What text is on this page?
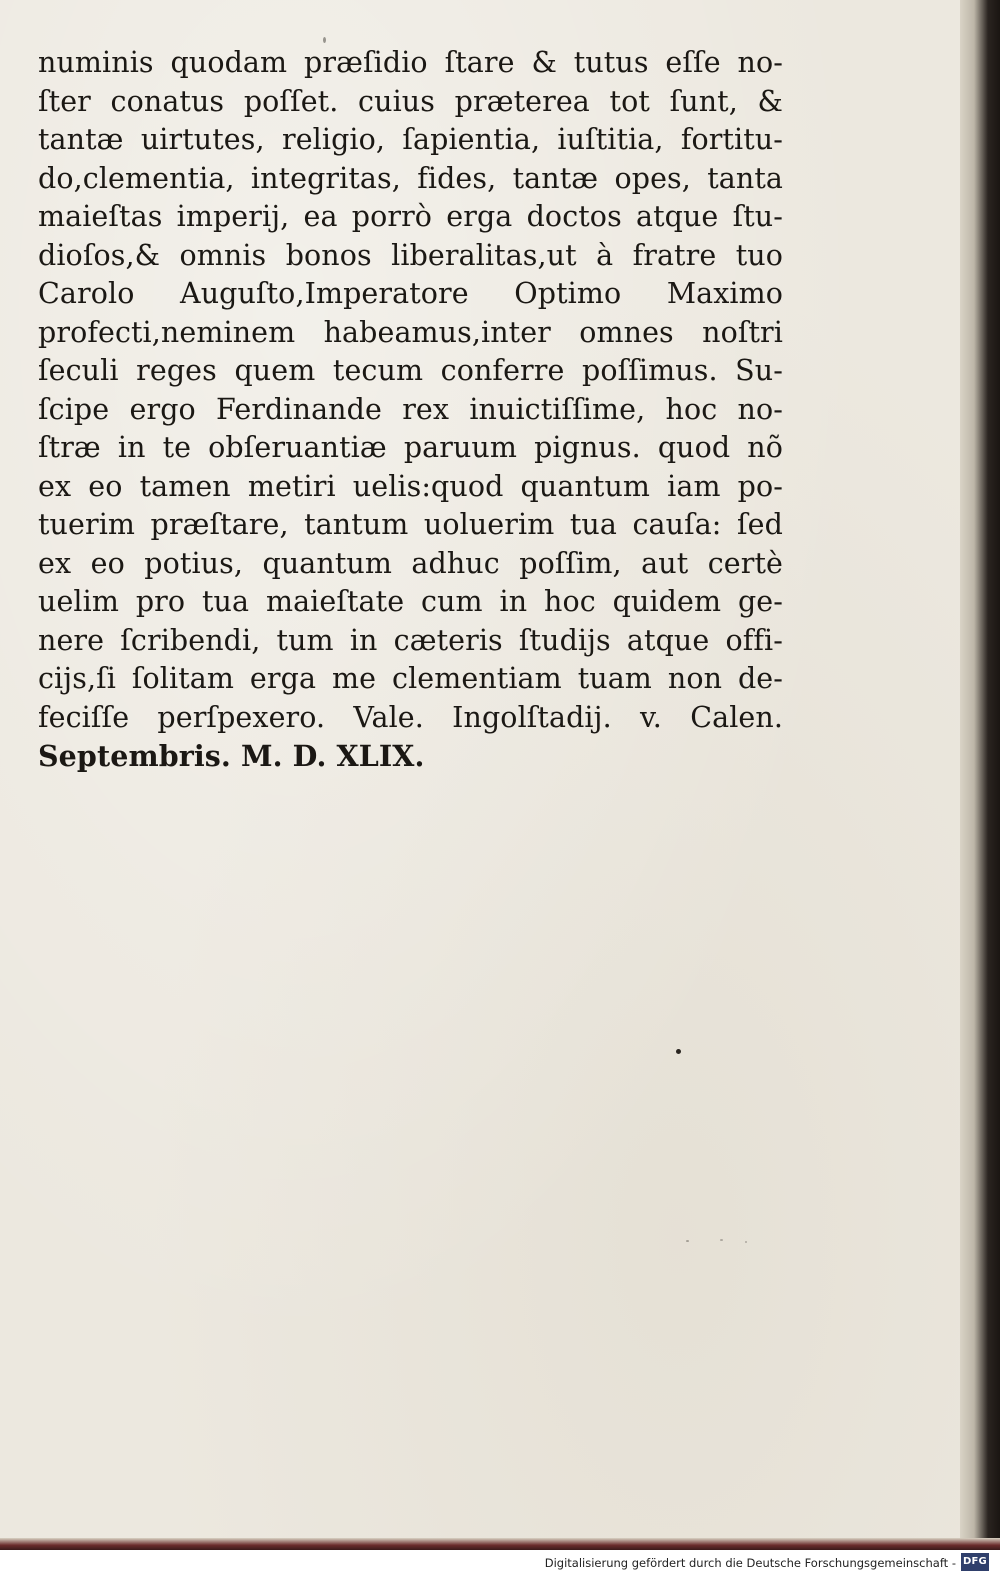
numinis quodam præſidio ſtare & tutus eſſe no-
ſter conatus poſſet. cuius præterea tot ſunt, &
tantæ uirtutes, religio, ſapientia, iuſtitia, fortitu-
do,clementia, integritas, fides, tantæ opes, tanta
maieſtas imperij, ea porrò erga doctos atque ſtu-
dioſos,& omnis bonos liberalitas,ut à fratre tuo
Carolo Auguſto,Imperatore Optimo Maximo
profecti,neminem habeamus,inter omnes noſtri
ſeculi reges quem tecum conferre poſſimus. Su-
ſcipe ergo Ferdinande rex inuictiſſime, hoc no-
ſtræ in te obſeruantiæ paruum pignus. quod nõ
ex eo tamen metiri uelis:quod quantum iam po-
tuerim præſtare, tantum uoluerim tua cauſa: ſed
ex eo potius, quantum adhuc poſſim, aut certè
uelim pro tua maieſtate cum in hoc quidem ge-
nere ſcribendi, tum in cæteris ſtudijs atque offi-
cijs,ſi ſolitam erga me clementiam tuam non de-
feciſſe perſpexero. Vale. Ingolſtadij. v. Calen.
Septembris. M. D. XLIX.
Digitalisierung gefördert durch die Deutsche Forschungsgemeinschaft - DFG
